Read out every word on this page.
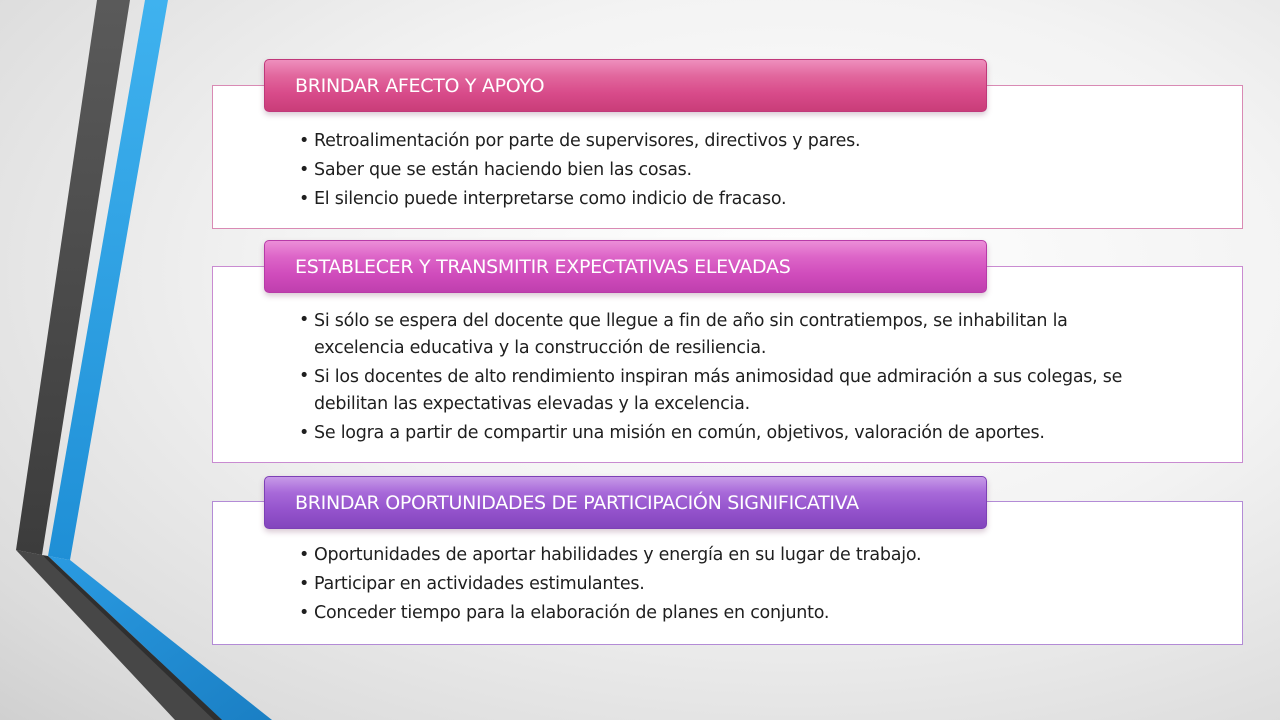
• Retroalimentación por parte de supervisores, directivos y pares.
• Saber que se están haciendo bien las cosas.
• El silencio puede interpretarse como indicio de fracaso.
BRINDAR AFECTO Y APOYO
• Si sólo se espera del docente que llegue a fin de año sin contratiempos, se inhabilitan la excelencia educativa y la construcción de resiliencia.
• Si los docentes de alto rendimiento inspiran más animosidad que admiración a sus colegas, se debilitan las expectativas elevadas y la excelencia.
• Se logra a partir de compartir una misión en común, objetivos, valoración de aportes.
ESTABLECER Y TRANSMITIR EXPECTATIVAS ELEVADAS
• Oportunidades de aportar habilidades y energía en su lugar de trabajo.
• Participar en actividades estimulantes.
• Conceder tiempo para la elaboración de planes en conjunto.
BRINDAR OPORTUNIDADES DE PARTICIPACIÓN SIGNIFICATIVA
